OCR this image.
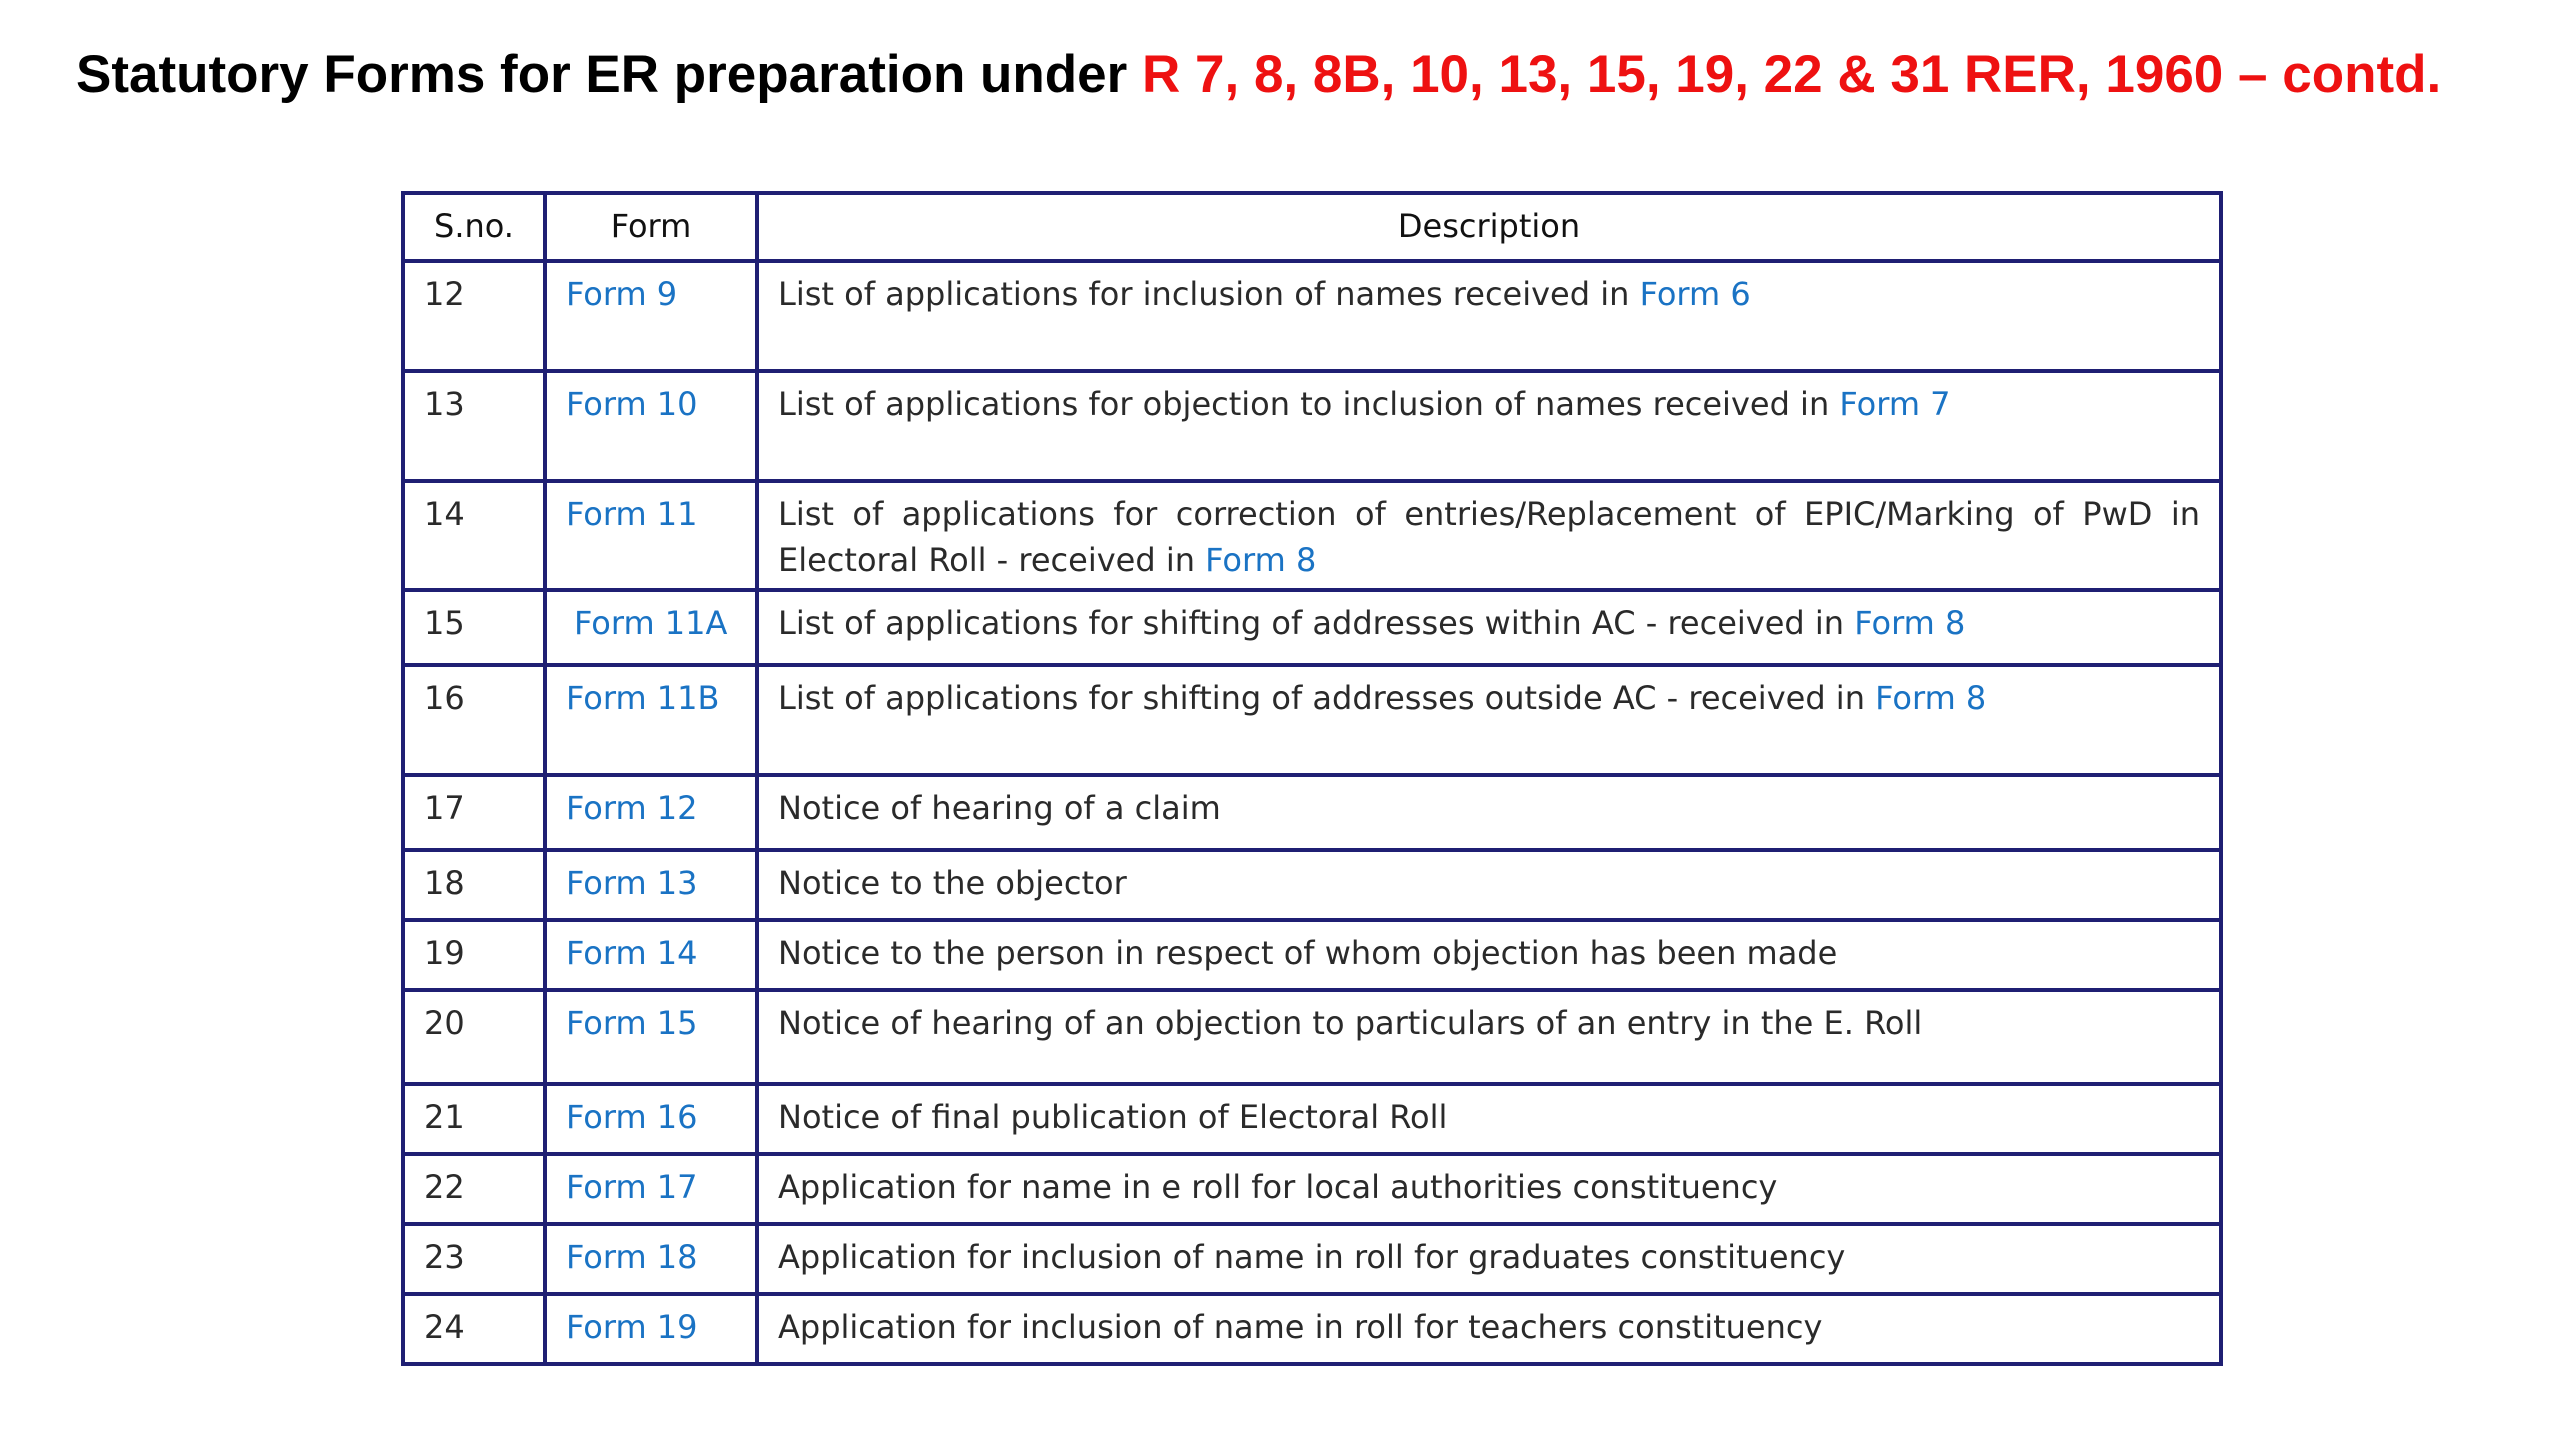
Statutory Forms for ER preparation under R 7, 8, 8B, 10, 13, 15, 19, 22 & 31 RER, 1960 – contd.
S.no.	Form	Description
12	Form 9	List of applications for inclusion of names received in Form 6
13	Form 10	List of applications for objection to inclusion of names received in Form 7
14	Form 11	List of applications for correction of entries/Replacement of EPIC/Marking of PwD in Electoral Roll - received in Form 8
15	Form 11A	List of applications for shifting of addresses within AC - received in Form 8
16	Form 11B	List of applications for shifting of addresses outside AC - received in Form 8
17	Form 12	Notice of hearing of a claim
18	Form 13	Notice to the objector
19	Form 14	Notice to the person in respect of whom objection has been made
20	Form 15	Notice of hearing of an objection to particulars of an entry in the E. Roll
21	Form 16	Notice of final publication of Electoral Roll
22	Form 17	Application for name in e roll for local authorities constituency
23	Form 18	Application for inclusion of name in roll for graduates constituency
24	Form 19	Application for inclusion of name in roll for teachers constituency
